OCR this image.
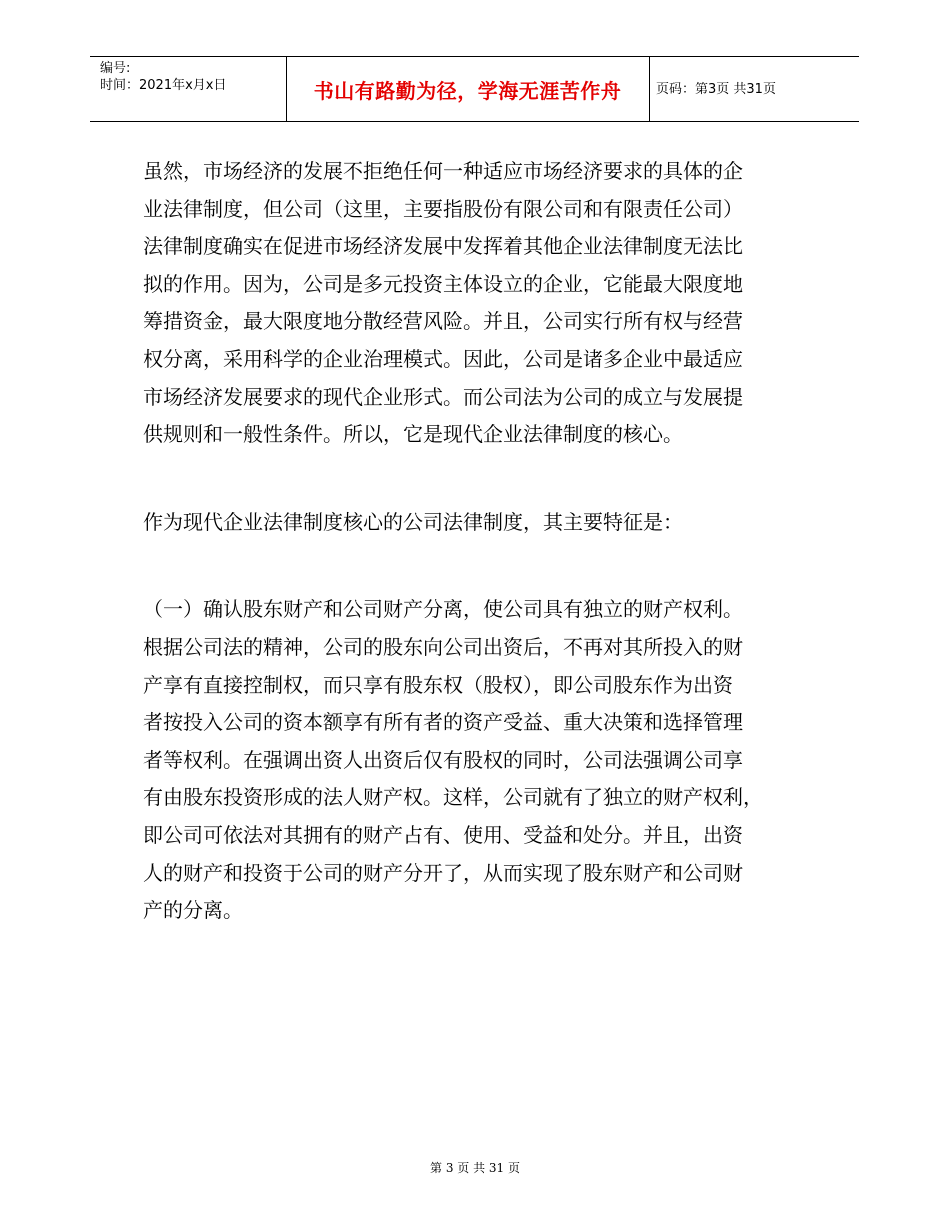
编号:
时间：2021年x月x日	书山有路勤为径，学海无涯苦作舟	页码：第3页 共31页

虽然，市场经济的发展不拒绝任何一种适应市场经济要求的具体的企

业法律制度，但公司（这里，主要指股份有限公司和有限责任公司）

法律制度确实在促进市场经济发展中发挥着其他企业法律制度无法比

拟的作用。因为，公司是多元投资主体设立的企业，它能最大限度地

筹措资金，最大限度地分散经营风险。并且，公司实行所有权与经营

权分离，采用科学的企业治理模式。因此，公司是诸多企业中最适应

市场经济发展要求的现代企业形式。而公司法为公司的成立与发展提

供规则和一般性条件。所以，它是现代企业法律制度的核心。

作为现代企业法律制度核心的公司法律制度，其主要特征是：

（一）确认股东财产和公司财产分离，使公司具有独立的财产权利。

根据公司法的精神，公司的股东向公司出资后，不再对其所投入的财

产享有直接控制权，而只享有股东权（股权），即公司股东作为出资

者按投入公司的资本额享有所有者的资产受益、重大决策和选择管理

者等权利。在强调出资人出资后仅有股权的同时，公司法强调公司享

有由股东投资形成的法人财产权。这样，公司就有了独立的财产权利，

即公司可依法对其拥有的财产占有、使用、受益和处分。并且，出资

人的财产和投资于公司的财产分开了，从而实现了股东财产和公司财

产的分离。

第 3 页 共 31 页
